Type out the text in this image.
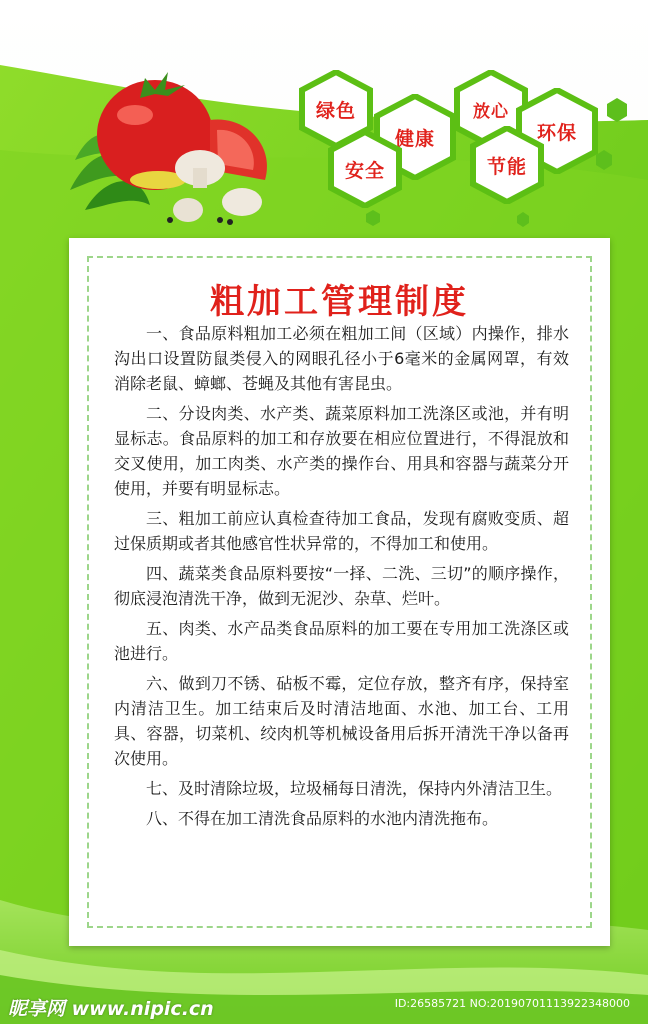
绿色
健康
放心
环保
安全	节能
粗加工管理制度

一、食品原料粗加工必须在粗加工间（区域）内操作，排水沟出口设置防鼠类侵入的网眼孔径小于6毫米的金属网罩，有效消除老鼠、蟑螂、苍蝇及其他有害昆虫。

二、分设肉类、水产类、蔬菜原料加工洗涤区或池，并有明显标志。食品原料的加工和存放要在相应位置进行，不得混放和交叉使用，加工肉类、水产类的操作台、用具和容器与蔬菜分开使用，并要有明显标志。

三、粗加工前应认真检查待加工食品，发现有腐败变质、超过保质期或者其他感官性状异常的，不得加工和使用。

四、蔬菜类食品原料要按“一择、二洗、三切”的顺序操作，彻底浸泡清洗干净，做到无泥沙、杂草、烂叶。

五、肉类、水产品类食品原料的加工要在专用加工洗涤区或池进行。

六、做到刀不锈、砧板不霉，定位存放，整齐有序，保持室内清洁卫生。加工结束后及时清洁地面、水池、加工台、工用具、容器，切菜机、绞肉机等机械设备用后拆开清洗干净以备再次使用。

七、及时清除垃圾，垃圾桶每日清洗，保持内外清洁卫生。

八、不得在加工清洗食品原料的水池内清洗拖布。

昵享网 www.nipic.cn	ID:26585721 NO:20190701113922348000
